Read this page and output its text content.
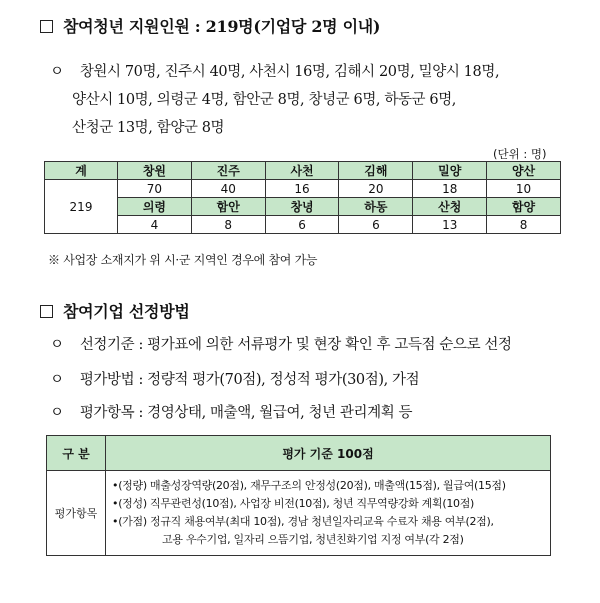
참여청년 지원인원 : 219명(기업당 2명 이내)
ㅇ 창원시 70명, 진주시 40명, 사천시 16명, 김해시 20명, 밀양시 18명,
양산시 10명, 의령군 4명, 함안군 8명, 창녕군 6명, 하동군 6명,
산청군 13명, 함양군 8명
(단위 : 명)
계	창원	진주	사천	김해	밀양	양산
219	70	40	16	20	18	10
	의령	함안	창녕	하동	산청	함양
	4	8	6	6	13	8
※ 사업장 소재지가 위 시·군 지역인 경우에 참여 가능
참여기업 선정방법
ㅇ 선정기준 : 평가표에 의한 서류평가 및 현장 확인 후 고득점 순으로 선정
ㅇ 평가방법 : 정량적 평가(70점), 정성적 평가(30점), 가점
ㅇ 평가항목 : 경영상태, 매출액, 월급여, 청년 관리계획 등
구 분	평가 기준 100점
평가항목	•(정량) 매출성장역량(20점), 재무구조의 안정성(20점), 매출액(15점), 월급여(15점)
•(정성) 직무관련성(10점), 사업장 비전(10점), 청년 직무역량강화 계획(10점)
•(가점) 정규직 채용여부(최대 10점), 경남 청년일자리교육 수료자 채용 여부(2점),
고용 우수기업, 일자리 으뜸기업, 청년친화기업 지정 여부(각 2점)
